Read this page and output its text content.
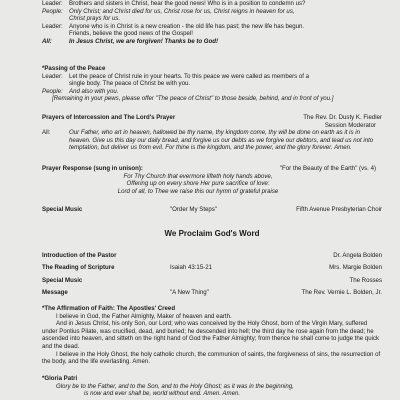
Leader:	Brothers and sisters in Christ, hear the good news! Who is in a position to condemn us?
People:	Only Christ; and Christ died for us, Christ rose for us, Christ reigns in heaven for us,
Christ prays for us.
Leader:	Anyone who is in Christ is a new creation - the old life has past; the new life has begun.
Friends, believe the good news of the Gospel!
All:	In Jesus Christ, we are forgiven! Thanks be to God!
*Passing of the Peace
Leader:	Let the peace of Christ rule in your hearts. To this peace we were called as members of a
single body. The peace of Christ be with you.
People:	And also with you.
[Remaining in your pews, please offer "The peace of Christ" to those beside, behind, and in front of you.]
Prayers of Intercession and The Lord's Prayer	The Rev. Dr. Dusty K. Fiedler
Session Moderator
All:	Our Father, who art in heaven, hallowed be thy name, thy kingdom come, thy will be done on earth as it is in heaven. Give us this day our daily bread, and forgive us our debts as we forgive our debtors, and lead us not into temptation, but deliver us from evil. For thine is the kingdom, and the power, and the glory forever. Amen.
Prayer Response (sung in unison):	"For the Beauty of the Earth" (vs. 4)
For Thy Church that evermore lifteth holy hands above,
Offering up on every shore Her pure sacrifice of love:
Lord of all, to Thee we raise this our hymn of grateful praise
Special Music	"Order My Steps"	Fifth Avenue Presbyterian Choir
We Proclaim God's Word
Introduction of the Pastor	Dr. Angela Bolden
The Reading of Scripture	Isaiah 43:15-21	Mrs. Margie Bolden
Special Music	The Rosses
Message	"A New Thing"	The Rev. Vernie L. Bolden, Jr.
*The Affirmation of Faith: The Apostles' Creed

I believe in God, the Father Almighty, Maker of heaven and earth.

And in Jesus Christ, his only Son, our Lord; who was conceived by the Holy Ghost, born of the Virgin Mary, suffered under Pontius Pilate, was crucified, dead, and buried; he descended into hell; the third day he rose again from the dead; he ascended into heaven, and sitteth on the right hand of God the Father Almighty; from thence he shall come to judge the quick and the dead.

I believe in the Holy Ghost, the holy catholic church, the communion of saints, the forgiveness of sins, the resurrection of the body, and the life everlasting. Amen.

*Gloria Patri
Glory be to the Father, and to the Son, and to the Holy Ghost; as it was in the beginning,
is now and ever shall be, world without end. Amen. Amen.
